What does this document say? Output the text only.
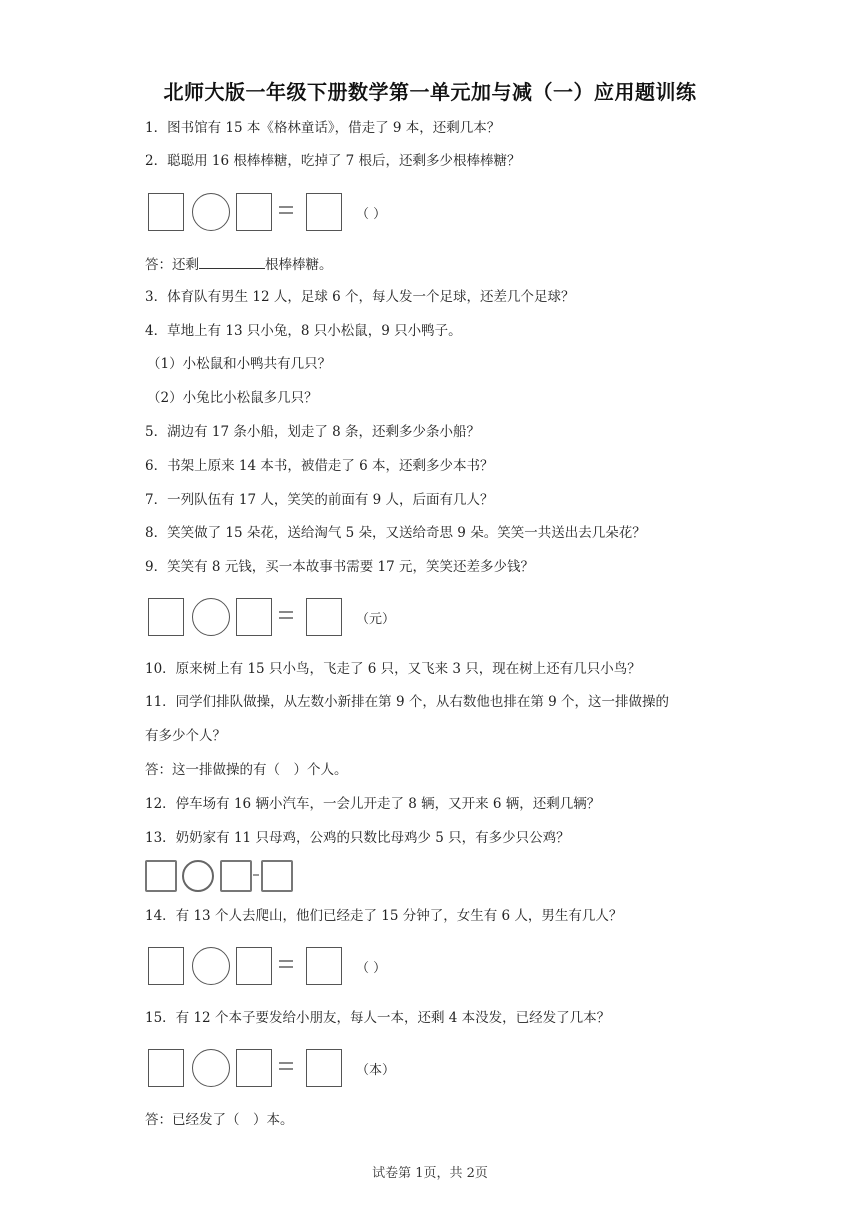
北师大版一年级下册数学第一单元加与减（一）应用题训练
1．图书馆有 15 本《格林童话》，借走了 9 本，还剩几本？
2．聪聪用 16 根棒棒糖，吃掉了 7 根后，还剩多少根棒棒糖？
（ ）
答：还剩	根棒棒糖。
3．体育队有男生 12 人，足球 6 个，每人发一个足球，还差几个足球？
4．草地上有 13 只小兔，8 只小松鼠，9 只小鸭子。
（1）小松鼠和小鸭共有几只？
（2）小兔比小松鼠多几只？
5．湖边有 17 条小船，划走了 8 条，还剩多少条小船？
6．书架上原来 14 本书，被借走了 6 本，还剩多少本书？
7．一列队伍有 17 人，笑笑的前面有 9 人，后面有几人？
8．笑笑做了 15 朵花，送给淘气 5 朵，又送给奇思 9 朵。笑笑一共送出去几朵花？
9．笑笑有 8 元钱，买一本故事书需要 17 元，笑笑还差多少钱？
（元）
10．原来树上有 15 只小鸟，飞走了 6 只，又飞来 3 只，现在树上还有几只小鸟？
11．同学们排队做操，从左数小新排在第 9 个，从右数他也排在第 9 个，这一排做操的
有多少个人？
答：这一排做操的有（　）个人。
12．停车场有 16 辆小汽车，一会儿开走了 8 辆，又开来 6 辆，还剩几辆？
13．奶奶家有 11 只母鸡，公鸡的只数比母鸡少 5 只，有多少只公鸡？
14．有 13 个人去爬山，他们已经走了 15 分钟了，女生有 6 人，男生有几人？
（ ）
15．有 12 个本子要发给小朋友，每人一本，还剩 4 本没发，已经发了几本？
（本）
答：已经发了（　）本。
试卷第 1页，共 2页
